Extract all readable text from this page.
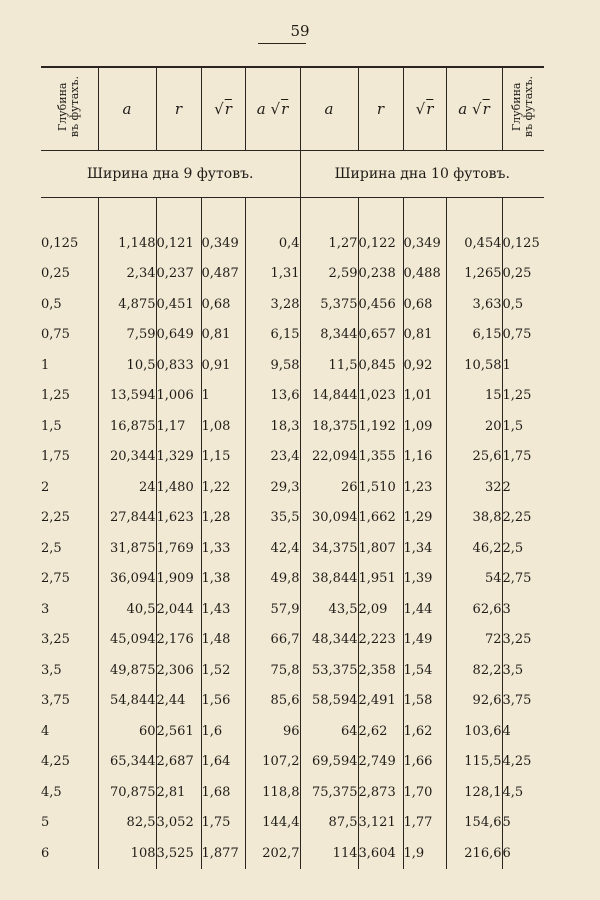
59
Глубина
въ футахъ.	a	r	√r	a √r	a	r	√r	a √r	Глубина
въ футахъ.
Ширина дна 9 футовъ.					Ширина дна 10 футовъ.				

0,125	1,148	0,121	0,349	0,4	1,27	0,122	0,349	0,454	0,125
0,25	2,34	0,237	0,487	1,31	2,59	0,238	0,488	1,265	0,25
0,5	4,875	0,451	0,68	3,28	5,375	0,456	0,68	3,63	0,5
0,75	7,59	0,649	0,81	6,15	8,344	0,657	0,81	6,15	0,75
1	10,5	0,833	0,91	9,58	11,5	0,845	0,92	10,58	1
1,25	13,594	1,006	1	13,6	14,844	1,023	1,01	15	1,25
1,5	16,875	1,17	1,08	18,3	18,375	1,192	1,09	20	1,5
1,75	20,344	1,329	1,15	23,4	22,094	1,355	1,16	25,6	1,75
2	24	1,480	1,22	29,3	26	1,510	1,23	32	2
2,25	27,844	1,623	1,28	35,5	30,094	1,662	1,29	38,8	2,25
2,5	31,875	1,769	1,33	42,4	34,375	1,807	1,34	46,2	2,5
2,75	36,094	1,909	1,38	49,8	38,844	1,951	1,39	54	2,75
3	40,5	2,044	1,43	57,9	43,5	2,09	1,44	62,6	3
3,25	45,094	2,176	1,48	66,7	48,344	2,223	1,49	72	3,25
3,5	49,875	2,306	1,52	75,8	53,375	2,358	1,54	82,2	3,5
3,75	54,844	2,44	1,56	85,6	58,594	2,491	1,58	92,6	3,75
4	60	2,561	1,6	96	64	2,62	1,62	103,6	4
4,25	65,344	2,687	1,64	107,2	69,594	2,749	1,66	115,5	4,25
4,5	70,875	2,81	1,68	118,8	75,375	2,873	1,70	128,1	4,5
5	82,5	3,052	1,75	144,4	87,5	3,121	1,77	154,6	5
6	108	3,525	1,877	202,7	114	3,604	1,9	216,6	6
